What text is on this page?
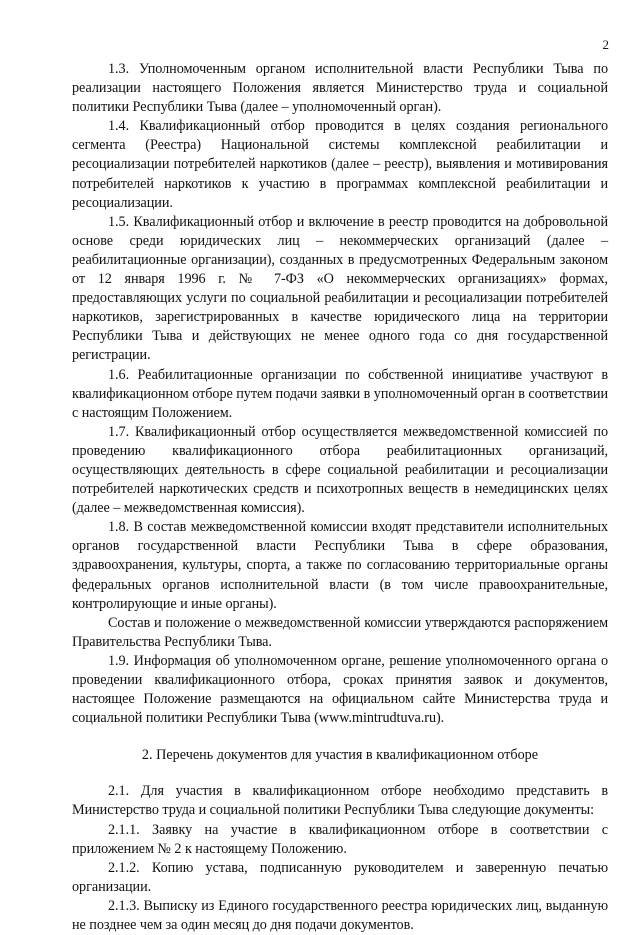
2

1.3. Уполномоченным органом исполнительной власти Республики Тыва по реализации настоящего Положения является Министерство труда и социальной политики Республики Тыва (далее – уполномоченный орган).

1.4. Квалификационный отбор проводится в целях создания регионального сегмента (Реестра) Национальной системы комплексной реабилитации и ресоциализации потребителей наркотиков (далее – реестр), выявления и мотивирования потребителей наркотиков к участию в программах комплексной реабилитации и ресоциализации.

1.5. Квалификационный отбор и включение в реестр проводится на добровольной основе среди юридических лиц – некоммерческих организаций (далее – реабилитационные организации), созданных в предусмотренных Федеральным законом от 12 января 1996 г. № 7-ФЗ «О некоммерческих организациях» формах, предоставляющих услуги по социальной реабилитации и ресоциализации потребителей наркотиков, зарегистрированных в качестве юридического лица на территории Республики Тыва и действующих не менее одного года со дня государственной регистрации.

1.6. Реабилитационные организации по собственной инициативе участвуют в квалификационном отборе путем подачи заявки в уполномоченный орган в соответствии с настоящим Положением.

1.7. Квалификационный отбор осуществляется межведомственной комиссией по проведению квалификационного отбора реабилитационных организаций, осуществляющих деятельность в сфере социальной реабилитации и ресоциализации потребителей наркотических средств и психотропных веществ в немедицинских целях (далее – межведомственная комиссия).

1.8. В состав межведомственной комиссии входят представители исполнительных органов государственной власти Республики Тыва в сфере образования, здравоохранения, культуры, спорта, а также по согласованию территориальные органы федеральных органов исполнительной власти (в том числе правоохранительные, контролирующие и иные органы).

Состав и положение о межведомственной комиссии утверждаются распоряжением Правительства Республики Тыва.

1.9. Информация об уполномоченном органе, решение уполномоченного органа о проведении квалификационного отбора, сроках принятия заявок и документов, настоящее Положение размещаются на официальном сайте Министерства труда и социальной политики Республики Тыва (www.mintrudtuva.ru).

2. Перечень документов для участия в квалификационном отборе

2.1. Для участия в квалификационном отборе необходимо представить в Министерство труда и социальной политики Республики Тыва следующие документы:

2.1.1. Заявку на участие в квалификационном отборе в соответствии с приложением № 2 к настоящему Положению.

2.1.2. Копию устава, подписанную руководителем и заверенную печатью организации.

2.1.3. Выписку из Единого государственного реестра юридических лиц, выданную не позднее чем за один месяц до дня подачи документов.
